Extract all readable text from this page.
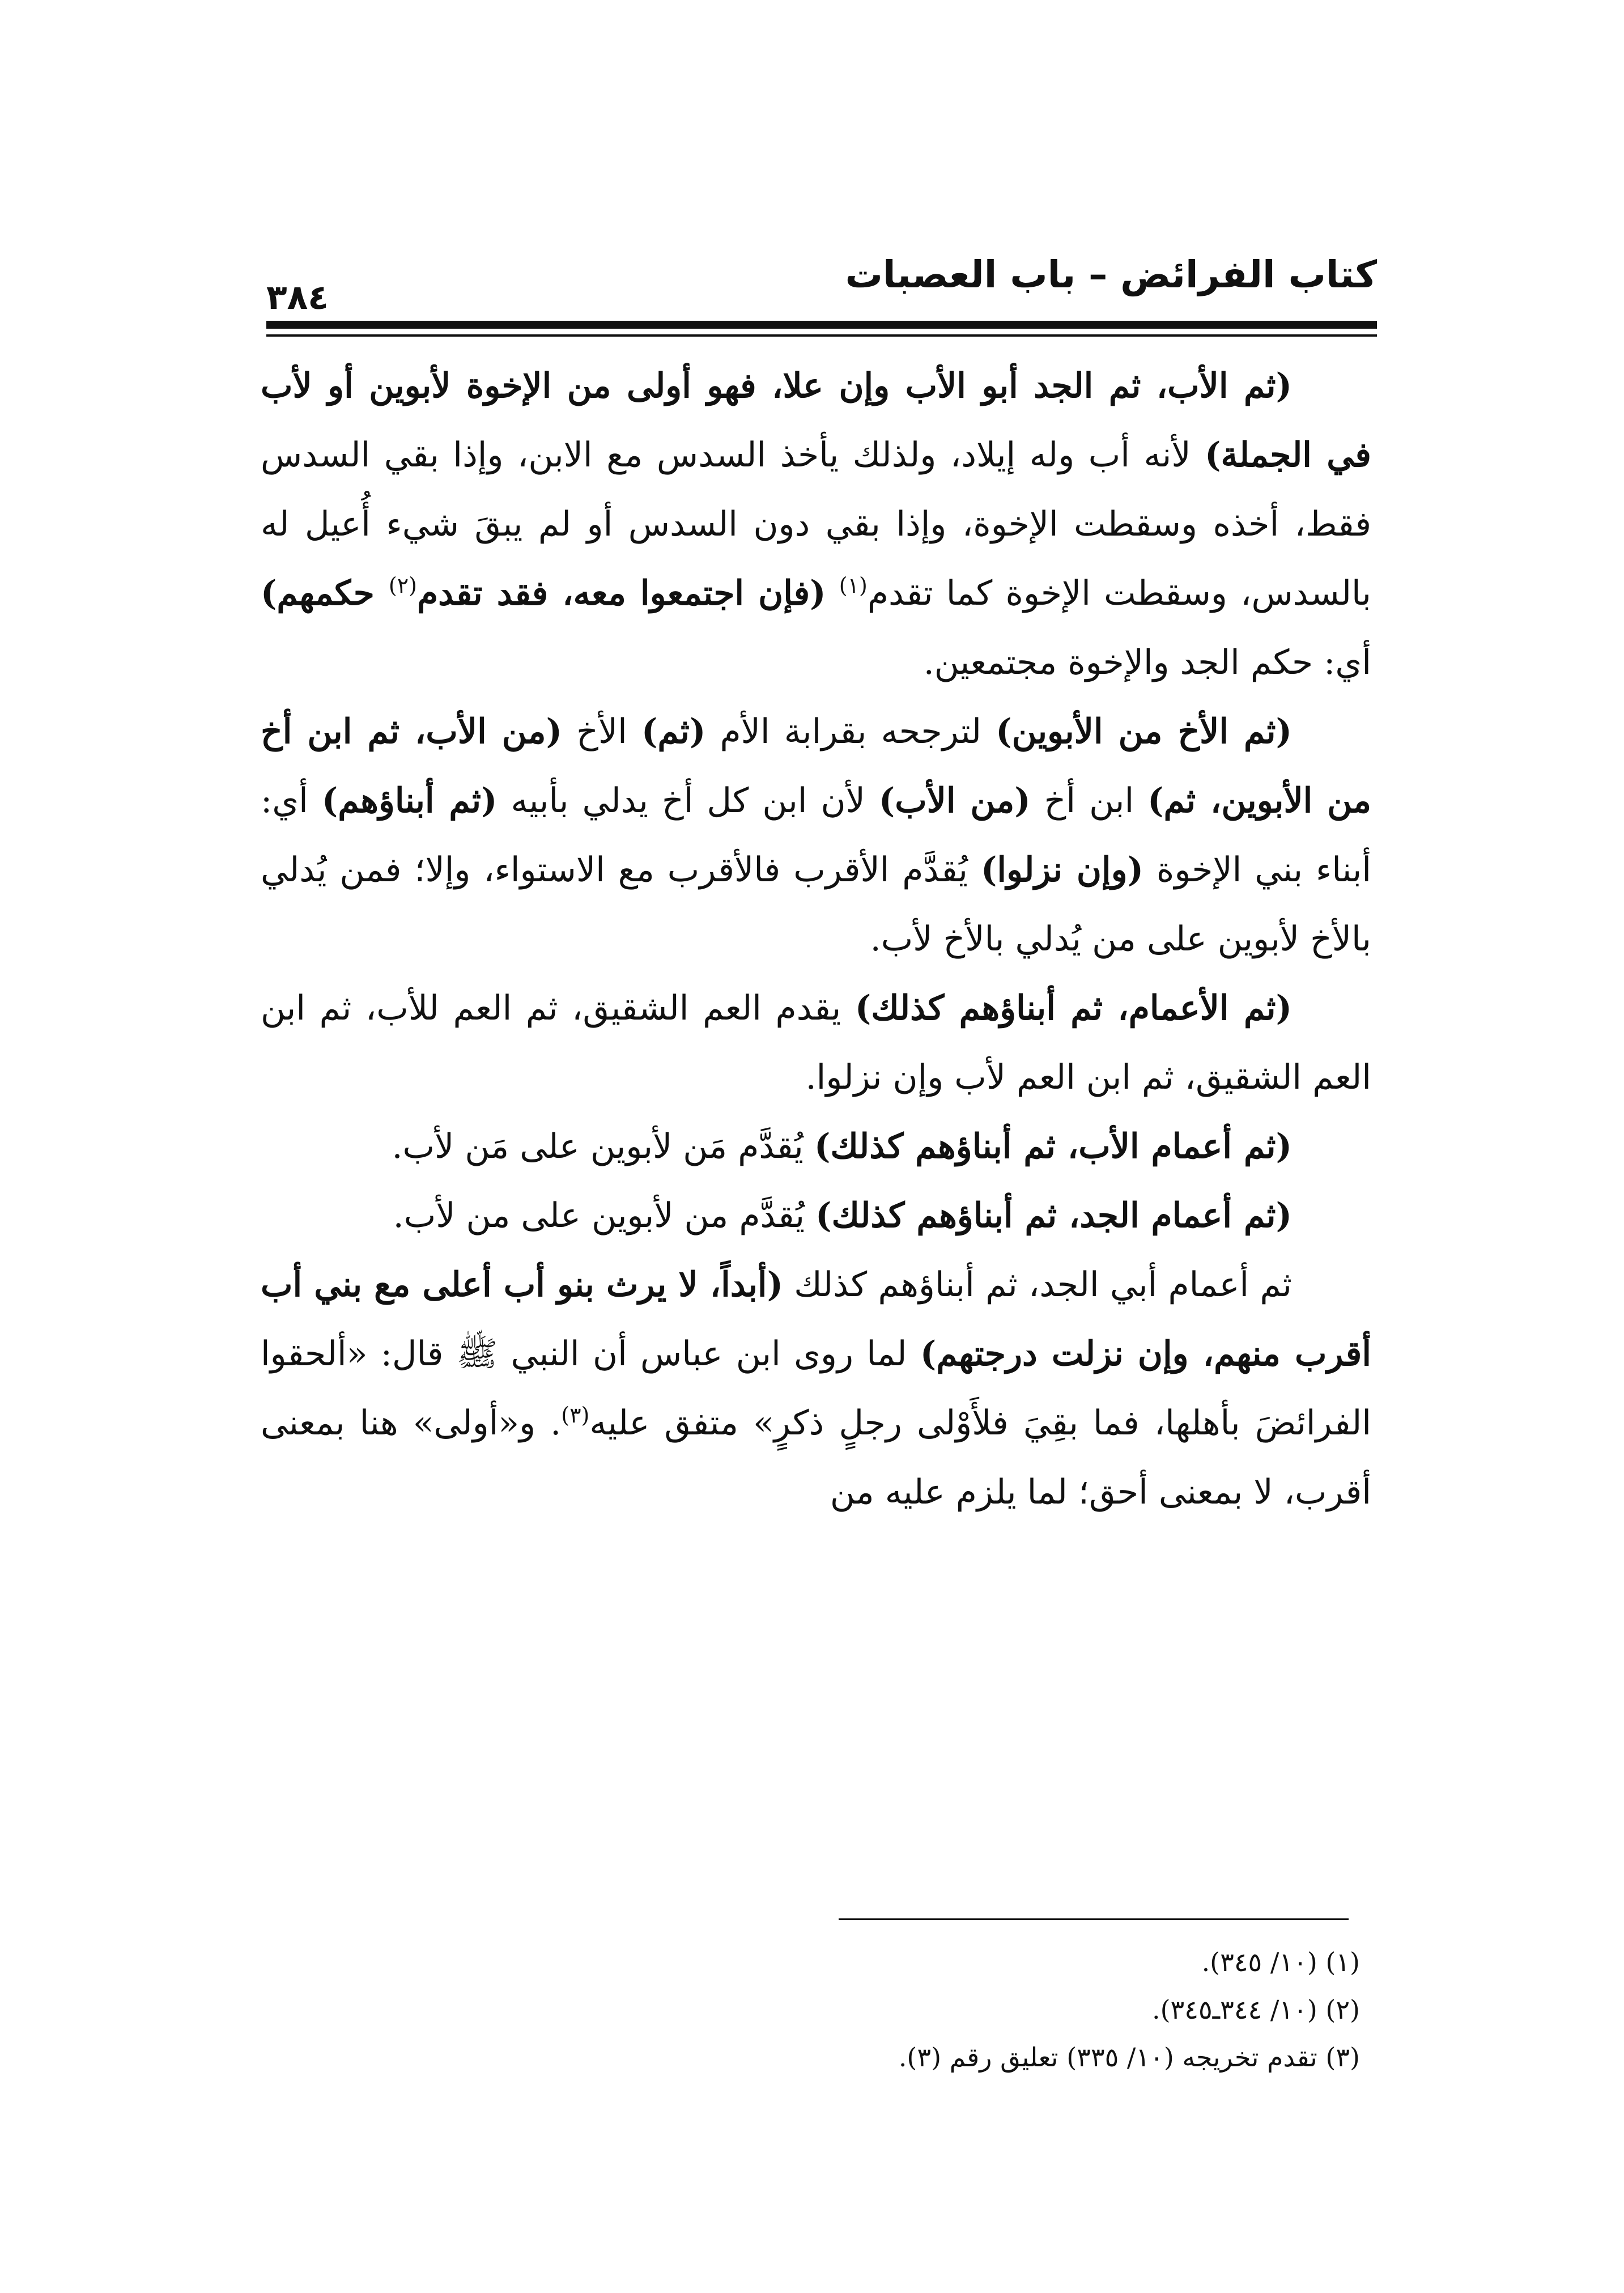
كتاب الفرائض – باب العصبات
٣٨٤

(ثم الأب، ثم الجد أبو الأب وإن علا، فهو أولى من الإخوة لأبوين أو لأب في الجملة) لأنه أب وله إيلاد، ولذلك يأخذ السدس مع الابن، وإذا بقي السدس فقط، أخذه وسقطت الإخوة، وإذا بقي دون السدس أو لم يبقَ شيء أُعيل له بالسدس، وسقطت الإخوة كما تقدم$^{(١)}$ (فإن اجتمعوا معه، فقد تقدم$^{(٢)}$ حكمهم) أي: حكم الجد والإخوة مجتمعين.

(ثم الأخ من الأبوين) لترجحه بقرابة الأم (ثم) الأخ (من الأب، ثم ابن أخ من الأبوين، ثم) ابن أخ (من الأب) لأن ابن كل أخ يدلي بأبيه (ثم أبناؤهم) أي: أبناء بني الإخوة (وإن نزلوا) يُقدَّم الأقرب فالأقرب مع الاستواء، وإلا؛ فمن يُدلي بالأخ لأبوين على من يُدلي بالأخ لأب.

(ثم الأعمام، ثم أبناؤهم كذلك) يقدم العم الشقيق، ثم العم للأب، ثم ابن العم الشقيق، ثم ابن العم لأب وإن نزلوا.

(ثم أعمام الأب، ثم أبناؤهم كذلك) يُقدَّم مَن لأبوين على مَن لأب.

(ثم أعمام الجد، ثم أبناؤهم كذلك) يُقدَّم من لأبوين على من لأب.

ثم أعمام أبي الجد، ثم أبناؤهم كذلك (أبداً، لا يرث بنو أب أعلى مع بني أب أقرب منهم، وإن نزلت درجتهم) لما روى ابن عباس أن النبي ﷺ قال: «ألحقوا الفرائضَ بأهلها، فما بقِيَ فلأَوْلى رجلٍ ذكرٍ» متفق عليه$^{(٣)}$. و«أولى» هنا بمعنى أقرب، لا بمعنى أحق؛ لما يلزم عليه من

(١) (١٠/ ٣٤٥).

(٢) (١٠/ ٣٤٤ـ٣٤٥).

(٣) تقدم تخريجه (١٠/ ٣٣٥) تعليق رقم (٣).
